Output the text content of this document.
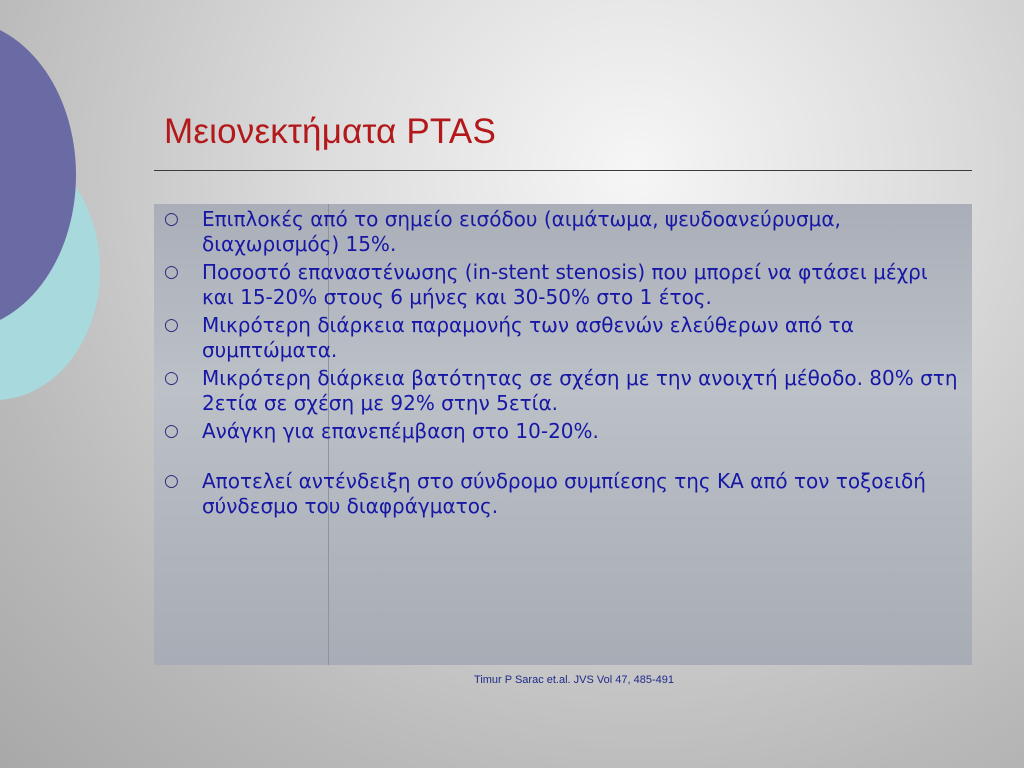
Μειονεκτήματα PTAS
○ Επιπλοκές από το σημείο εισόδου (αιμάτωμα, ψευδοανεύρυσμα, διαχωρισμός) 15%.
○ Ποσοστό επαναστένωσης (in-stent stenosis) που μπορεί να φτάσει μέχρι και 15-20% στους 6 μήνες και 30-50% στο 1 έτος.
○ Μικρότερη διάρκεια παραμονής των ασθενών ελεύθερων από τα συμπτώματα.
○ Μικρότερη διάρκεια βατότητας σε σχέση με την ανοιχτή μέθοδο. 80% στη 2ετία σε σχέση με 92% στην 5ετία.
○ Ανάγκη για επανεπέμβαση στο 10-20%.
○ Αποτελεί αντένδειξη στο σύνδρομο συμπίεσης της ΚΑ από τον τοξοειδή σύνδεσμο του διαφράγματος.
Timur P Sarac et.al. JVS Vol 47, 485-491
